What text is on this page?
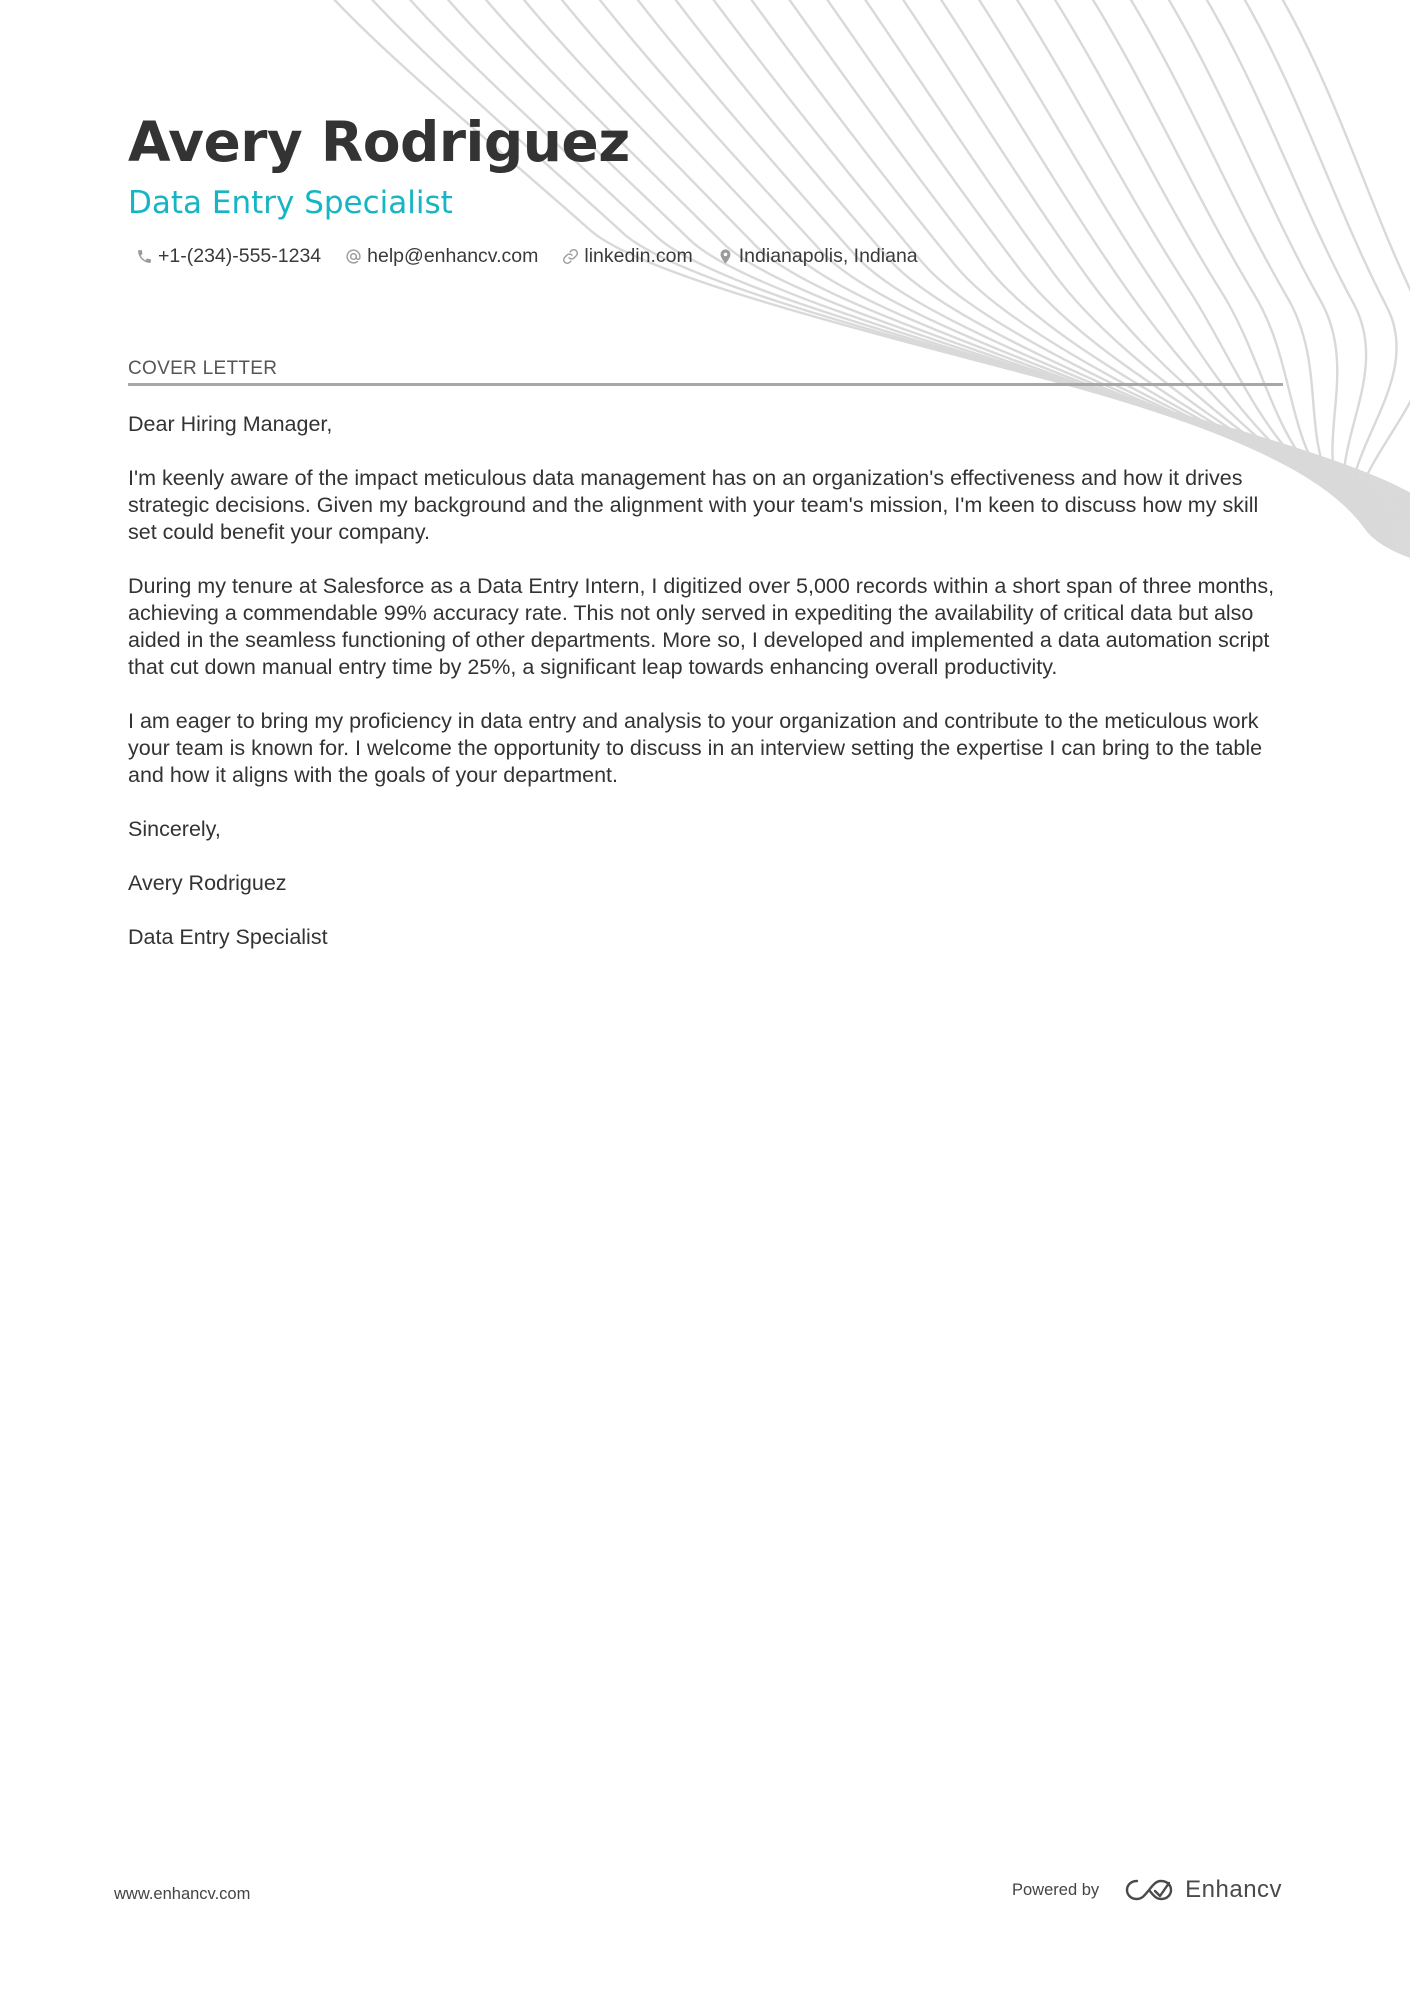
Avery Rodriguez
Data Entry Specialist
+1-(234)-555-1234 help@enhancv.com linkedin.com Indianapolis, Indiana
COVER LETTER

Dear Hiring Manager,

I'm keenly aware of the impact meticulous data management has on an organization's effectiveness and how it drives strategic decisions. Given my background and the alignment with your team's mission, I'm keen to discuss how my skill set could benefit your company.

During my tenure at Salesforce as a Data Entry Intern, I digitized over 5,000 records within a short span of three months, achieving a commendable 99% accuracy rate. This not only served in expediting the availability of critical data but also aided in the seamless functioning of other departments. More so, I developed and implemented a data automation script that cut down manual entry time by 25%, a significant leap towards enhancing overall productivity.

I am eager to bring my proficiency in data entry and analysis to your organization and contribute to the meticulous work your team is known for. I welcome the opportunity to discuss in an interview setting the expertise I can bring to the table and how it aligns with the goals of your department.

Sincerely,

Avery Rodriguez

Data Entry Specialist

www.enhancv.com	Powered by	Enhancv
